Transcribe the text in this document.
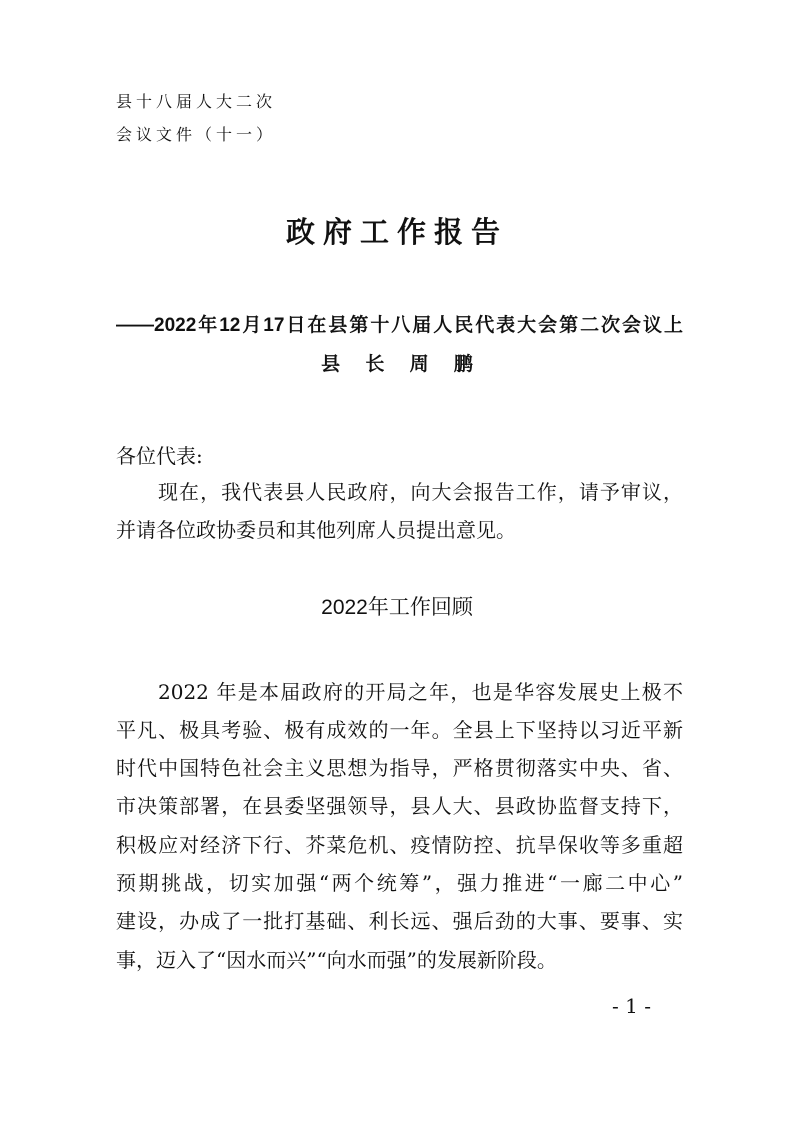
县十八届人大二次
会议文件（十一）
政府工作报告
——2022年12月17日在县第十八届人民代表大会第二次会议上
县 长 周 鹏
各位代表:
现在，我代表县人民政府，向大会报告工作，请予审议，
并请各位政协委员和其他列席人员提出意见。
2022年工作回顾
2022 年是本届政府的开局之年，也是华容发展史上极不
平凡、极具考验、极有成效的一年。全县上下坚持以习近平新
时代中国特色社会主义思想为指导，严格贯彻落实中央、省、
市决策部署，在县委坚强领导，县人大、县政协监督支持下，
积极应对经济下行、芥菜危机、疫情防控、抗旱保收等多重超
预期挑战，切实加强“两个统筹”，强力推进“一廊二中心”
建设，办成了一批打基础、利长远、强后劲的大事、要事、实
事，迈入了“因水而兴”“向水而强”的发展新阶段。
- 1 -
